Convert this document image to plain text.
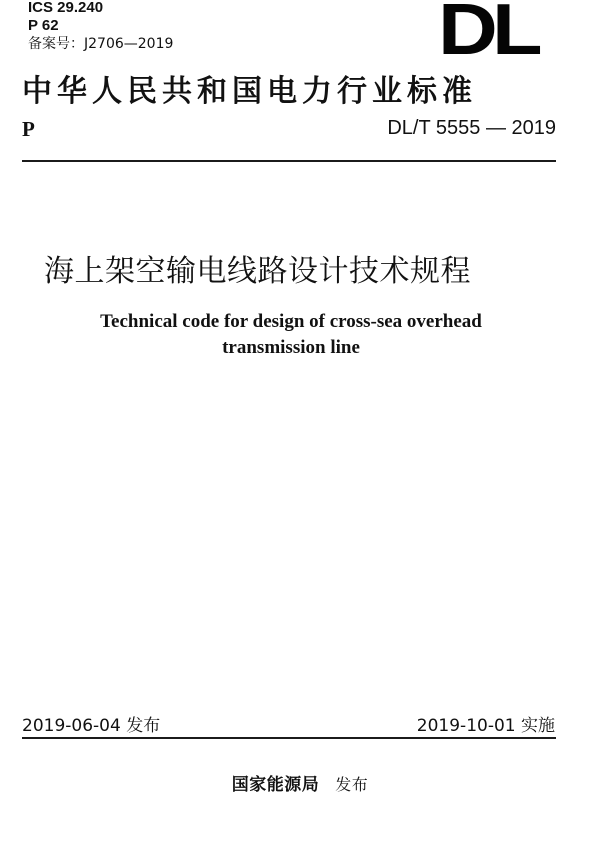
ICS 29.240
P 62
备案号：J2706—2019	DL
中华人民共和国电力行业标准
P	DL/T 5555 — 2019
海上架空输电线路设计技术规程
Technical code for design of cross-sea overhead
transmission line
2019-06-04 发布	2019-10-01 实施
国家能源局 发布
